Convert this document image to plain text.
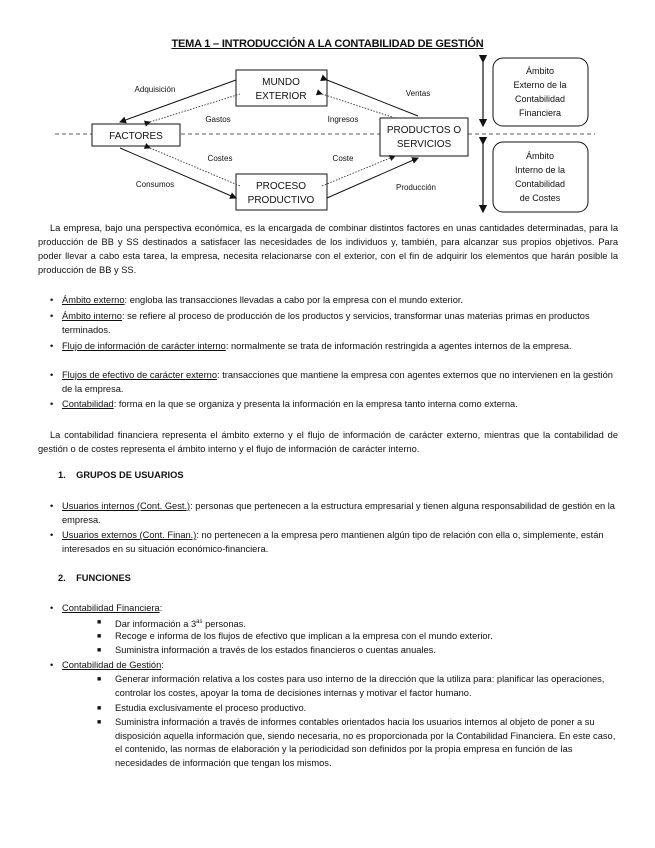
TEMA 1 – INTRODUCCIÓN A LA CONTABILIDAD DE GESTIÓN
MUNDO
EXTERIOR
FACTORES
PRODUCTOS O
SERVICIOS
PROCESO
PRODUCTIVO
Adquisición	Ventas
Gastos	Ingresos
Costes	Coste
Consumos	Producción
Ámbito
Externo de la
Contabilidad
Financiera
Ámbito
Interno de la
Contabilidad
de Costes
La empresa, bajo una perspectiva económica, es la encargada de combinar distintos factores en unas cantidades determinadas, para la producción de BB y SS destinados a satisfacer las necesidades de los individuos y, también, para alcanzar sus propios objetivos. Para poder llevar a cabo esta tarea, la empresa, necesita relacionarse con el exterior, con el fin de adquirir los elementos que harán posible la producción de BB y SS.
• Ámbito externo: engloba las transacciones llevadas a cabo por la empresa con el mundo exterior.
• Ámbito interno: se refiere al proceso de producción de los productos y servicios, transformar unas materias primas en productos terminados.
• Flujo de información de carácter interno: normalmente se trata de información restringida a agentes internos de la empresa.
• Flujos de efectivo de carácter externo: transacciones que mantiene la empresa con agentes externos que no intervienen en la gestión de la empresa.
• Contabilidad: forma en la que se organiza y presenta la información en la empresa tanto interna como externa.
La contabilidad financiera representa el ámbito externo y el flujo de información de carácter externo, mientras que la contabilidad de gestión o de costes representa el ámbito interno y el flujo de información de carácter interno.
1. GRUPOS DE USUARIOS
• Usuarios internos (Cont. Gest.): personas que pertenecen a la estructura empresarial y tienen alguna responsabilidad de gestión en la empresa.
• Usuarios externos (Cont. Finan.): no pertenecen a la empresa pero mantienen algún tipo de relación con ella o, simplemente, están interesados en su situación económico-financiera.
2. FUNCIONES
• Contabilidad Financiera:
■ Dar información a $3^{as}$ personas.
■ Recoge e informa de los flujos de efectivo que implican a la empresa con el mundo exterior.
■ Suministra información a través de los estados financieros o cuentas anuales.
• Contabilidad de Gestión:
■ Generar información relativa a los costes para uso interno de la dirección que la utiliza para: planificar las operaciones, controlar los costes, apoyar la toma de decisiones internas y motivar el factor humano.
■ Estudia exclusivamente el proceso productivo.
■ Suministra información a través de informes contables orientados hacia los usuarios internos al objeto de poner a su disposición aquella información que, siendo necesaria, no es proporcionada por la Contabilidad Financiera. En este caso, el contenido, las normas de elaboración y la periodicidad son definidos por la propia empresa en función de las necesidades de información que tengan los mismos.
